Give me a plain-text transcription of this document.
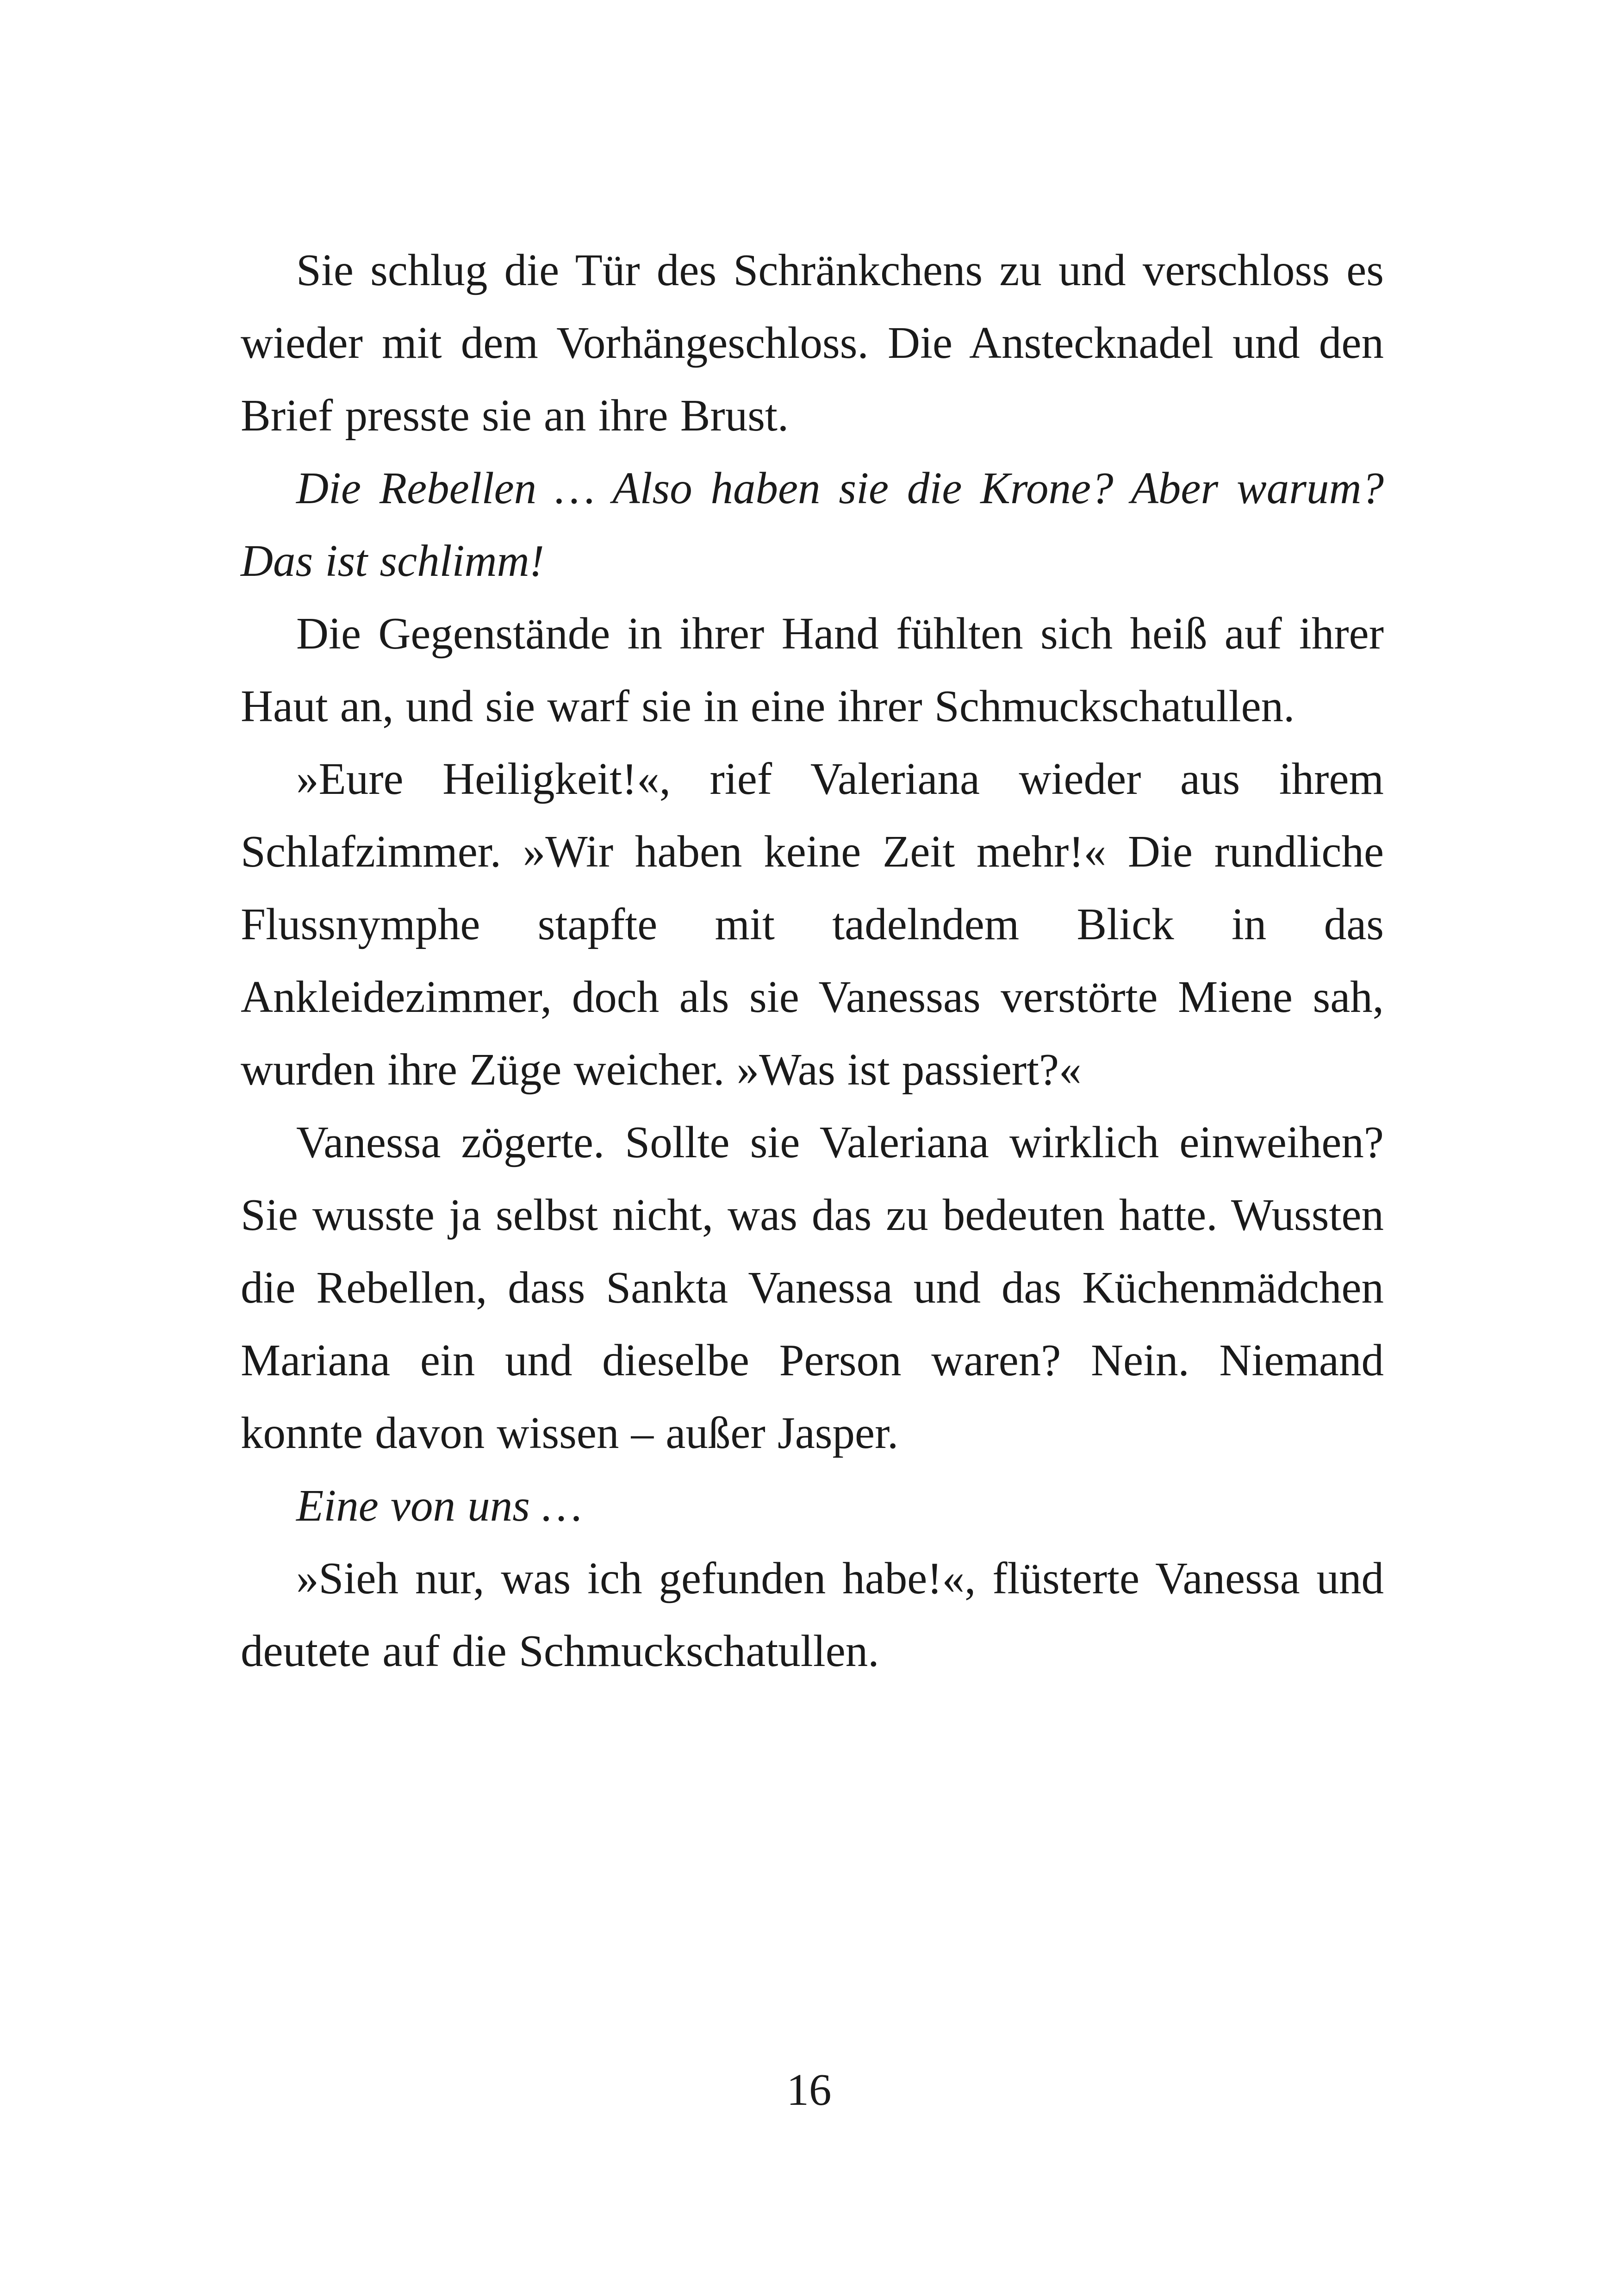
Sie schlug die Tür des Schränkchens zu und verschloss es wieder mit dem Vorhängeschloss. Die Anstecknadel und den Brief presste sie an ihre Brust.

Die Rebellen … Also haben sie die Krone? Aber warum? Das ist schlimm!

Die Gegenstände in ihrer Hand fühlten sich heiß auf ihrer Haut an, und sie warf sie in eine ihrer Schmuckschatullen.

»Eure Heiligkeit!«, rief Valeriana wieder aus ihrem Schlafzimmer. »Wir haben keine Zeit mehr!« Die rundliche Flussnymphe stapfte mit tadelndem Blick in das Ankleidezimmer, doch als sie Vanessas verstörte Miene sah, wurden ihre Züge weicher. »Was ist passiert?«

Vanessa zögerte. Sollte sie Valeriana wirklich einweihen? Sie wusste ja selbst nicht, was das zu bedeuten hatte. Wussten die Rebellen, dass Sankta Vanessa und das Küchenmädchen Mariana ein und dieselbe Person waren? Nein. Niemand konnte davon wissen – außer Jasper.

Eine von uns …

»Sieh nur, was ich gefunden habe!«, flüsterte Vanessa und deutete auf die Schmuckschatullen.

16
